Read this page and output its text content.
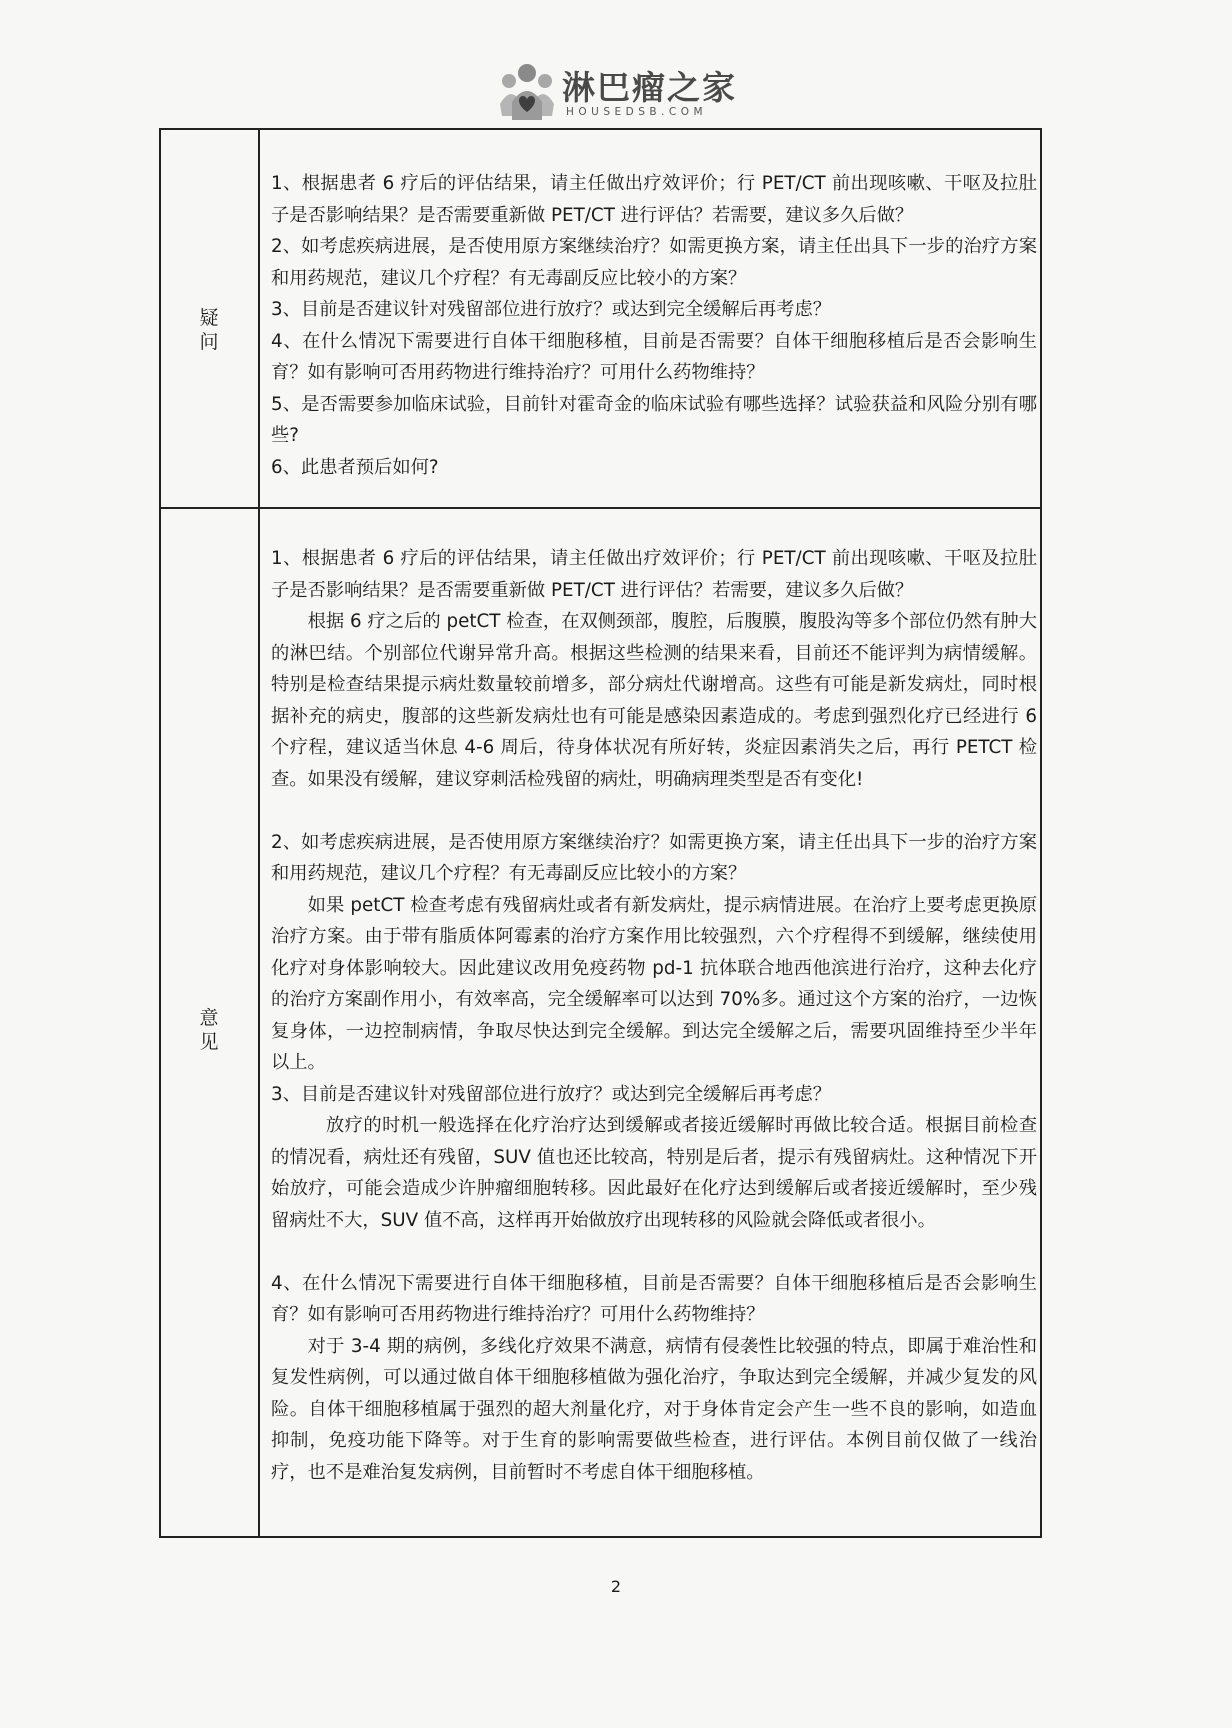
淋巴瘤之家
HOUSEDSB.COM
疑
问

1、根据患者 6 疗后的评估结果，请主任做出疗效评价；行 PET/CT 前出现咳嗽、干呕及拉肚子是否影响结果？是否需要重新做 PET/CT 进行评估？若需要，建议多久后做？

2、如考虑疾病进展，是否使用原方案继续治疗？如需更换方案，请主任出具下一步的治疗方案和用药规范，建议几个疗程？有无毒副反应比较小的方案？

3、目前是否建议针对残留部位进行放疗？或达到完全缓解后再考虑？

4、在什么情况下需要进行自体干细胞移植，目前是否需要？自体干细胞移植后是否会影响生育？如有影响可否用药物进行维持治疗？可用什么药物维持？

5、是否需要参加临床试验，目前针对霍奇金的临床试验有哪些选择？试验获益和风险分别有哪些?

6、此患者预后如何?

意
见

1、根据患者 6 疗后的评估结果，请主任做出疗效评价；行 PET/CT 前出现咳嗽、干呕及拉肚子是否影响结果？是否需要重新做 PET/CT 进行评估？若需要，建议多久后做？

根据 6 疗之后的 petCT 检查，在双侧颈部，腹腔，后腹膜，腹股沟等多个部位仍然有肿大的淋巴结。个别部位代谢异常升高。根据这些检测的结果来看，目前还不能评判为病情缓解。特别是检查结果提示病灶数量较前增多，部分病灶代谢增高。这些有可能是新发病灶，同时根据补充的病史，腹部的这些新发病灶也有可能是感染因素造成的。考虑到强烈化疗已经进行 6 个疗程，建议适当休息 4-6 周后，待身体状况有所好转，炎症因素消失之后，再行 PETCT 检查。如果没有缓解，建议穿刺活检残留的病灶，明确病理类型是否有变化!

2、如考虑疾病进展，是否使用原方案继续治疗？如需更换方案，请主任出具下一步的治疗方案和用药规范，建议几个疗程？有无毒副反应比较小的方案？

如果 petCT 检查考虑有残留病灶或者有新发病灶，提示病情进展。在治疗上要考虑更换原治疗方案。由于带有脂质体阿霉素的治疗方案作用比较强烈，六个疗程得不到缓解，继续使用化疗对身体影响较大。因此建议改用免疫药物 pd-1 抗体联合地西他滨进行治疗，这种去化疗的治疗方案副作用小，有效率高，完全缓解率可以达到 70%多。通过这个方案的治疗，一边恢复身体，一边控制病情，争取尽快达到完全缓解。到达完全缓解之后，需要巩固维持至少半年以上。

3、目前是否建议针对残留部位进行放疗？或达到完全缓解后再考虑？

放疗的时机一般选择在化疗治疗达到缓解或者接近缓解时再做比较合适。根据目前检查的情况看，病灶还有残留，SUV 值也还比较高，特别是后者，提示有残留病灶。这种情况下开始放疗，可能会造成少许肿瘤细胞转移。因此最好在化疗达到缓解后或者接近缓解时，至少残留病灶不大，SUV 值不高，这样再开始做放疗出现转移的风险就会降低或者很小。

4、在什么情况下需要进行自体干细胞移植，目前是否需要？自体干细胞移植后是否会影响生育？如有影响可否用药物进行维持治疗？可用什么药物维持？

对于 3-4 期的病例，多线化疗效果不满意，病情有侵袭性比较强的特点，即属于难治性和复发性病例，可以通过做自体干细胞移植做为强化治疗，争取达到完全缓解，并减少复发的风险。自体干细胞移植属于强烈的超大剂量化疗，对于身体肯定会产生一些不良的影响，如造血抑制，免疫功能下降等。对于生育的影响需要做些检查，进行评估。本例目前仅做了一线治疗，也不是难治复发病例，目前暂时不考虑自体干细胞移植。

2
